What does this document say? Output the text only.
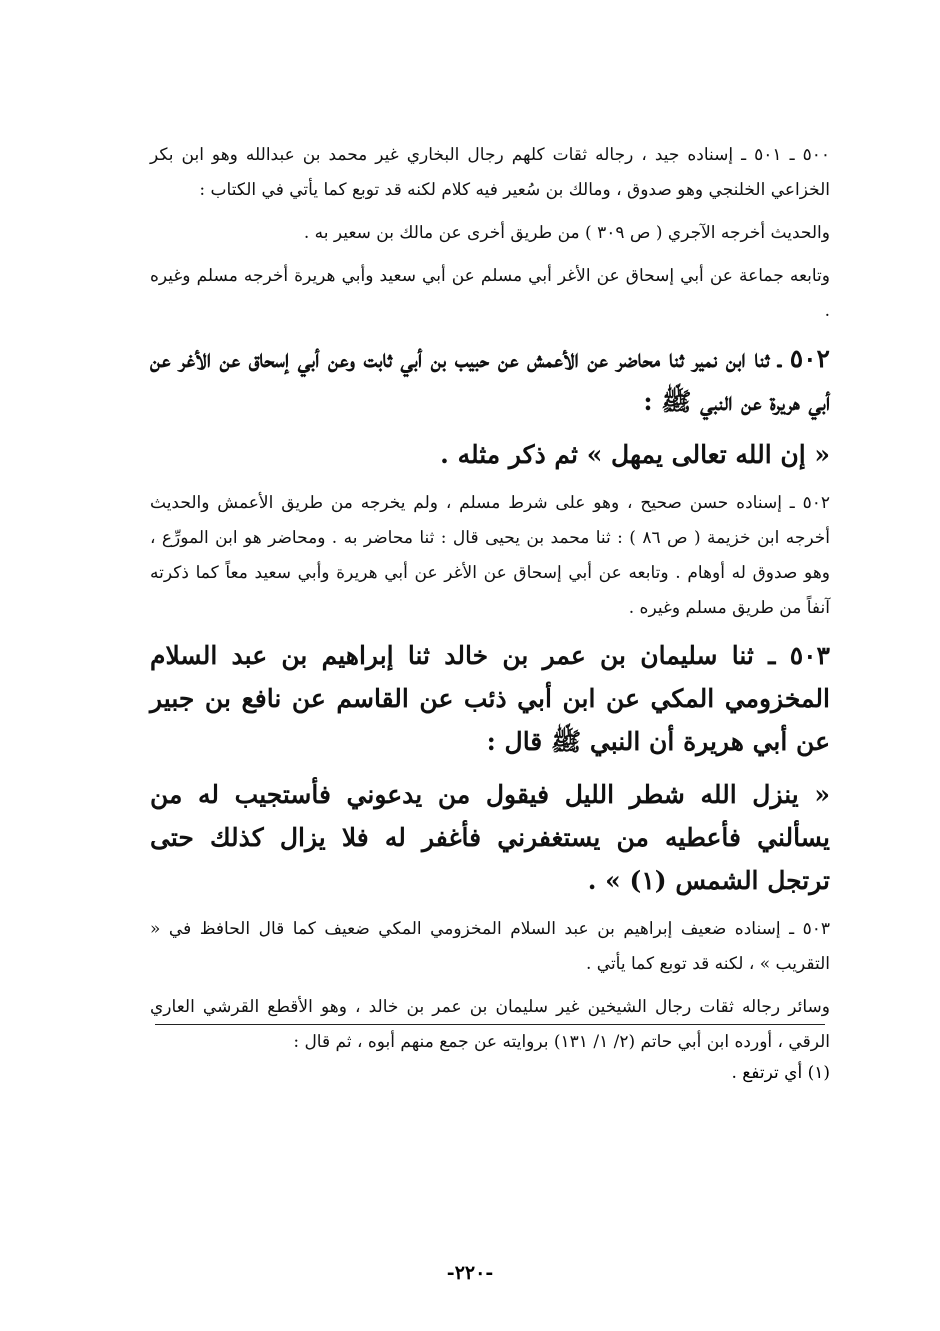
٥٠٠ ـ ٥٠١ ـ إسناده جيد ، رجاله ثقات كلهم رجال البخاري غير محمد بن عبدالله وهو ابن بكر الخزاعي الخلنجي وهو صدوق ، ومالك بن سُعير فيه كلام لكنه قد توبع كما يأتي في الكتاب :

والحديث أخرجه الآجري ( ص ٣٠٩ ) من طريق أخرى عن مالك بن سعير به .

وتابعه جماعة عن أبي إسحاق عن الأغر أبي مسلم عن أبي سعيد وأبي هريرة أخرجه مسلم وغيره .

٥٠٢ ـ ثنا ابن نمير ثنا محاضر عن الأعمش عن حبيب بن أبي ثابت وعن أبي إسحاق عن الأغر عن أبي هريرة عن النبي ﷺ :

« إن الله تعالى يمهل » ثم ذكر مثله .

٥٠٢ ـ إسناده حسن صحيح ، وهو على شرط مسلم ، ولم يخرجه من طريق الأعمش والحديث أخرجه ابن خزيمة ( ص ٨٦ ) : ثنا محمد بن يحيى قال : ثنا محاضر به . ومحاضر هو ابن المورِّع ، وهو صدوق له أوهام . وتابعه عن أبي إسحاق عن الأغر عن أبي هريرة وأبي سعيد معاً كما ذكرته آنفاً من طريق مسلم وغيره .

٥٠٣ ـ ثنا سليمان بن عمر بن خالد ثنا إبراهيم بن عبد السلام المخزومي المكي عن ابن أبي ذئب عن القاسم عن نافع بن جبير عن أبي هريرة أن النبي ﷺ قال :

« ينزل الله شطر الليل فيقول من يدعوني فأستجيب له من يسألني فأعطيه من يستغفرني فأغفر له فلا يزال كذلك حتى ترتجل الشمس (١) » .

٥٠٣ ـ إسناده ضعيف إبراهيم بن عبد السلام المخزومي المكي ضعيف كما قال الحافظ في « التقريب » ، لكنه قد توبع كما يأتي .

وسائر رجاله ثقات رجال الشيخين غير سليمان بن عمر بن خالد ، وهو الأقطع القرشي العاري الرقي ، أورده ابن أبي حاتم (٢/ ١/ ١٣١) بروايته عن جمع منهم أبوه ، ثم قال :

(١) أي ترتفع .
-٢٢٠-
